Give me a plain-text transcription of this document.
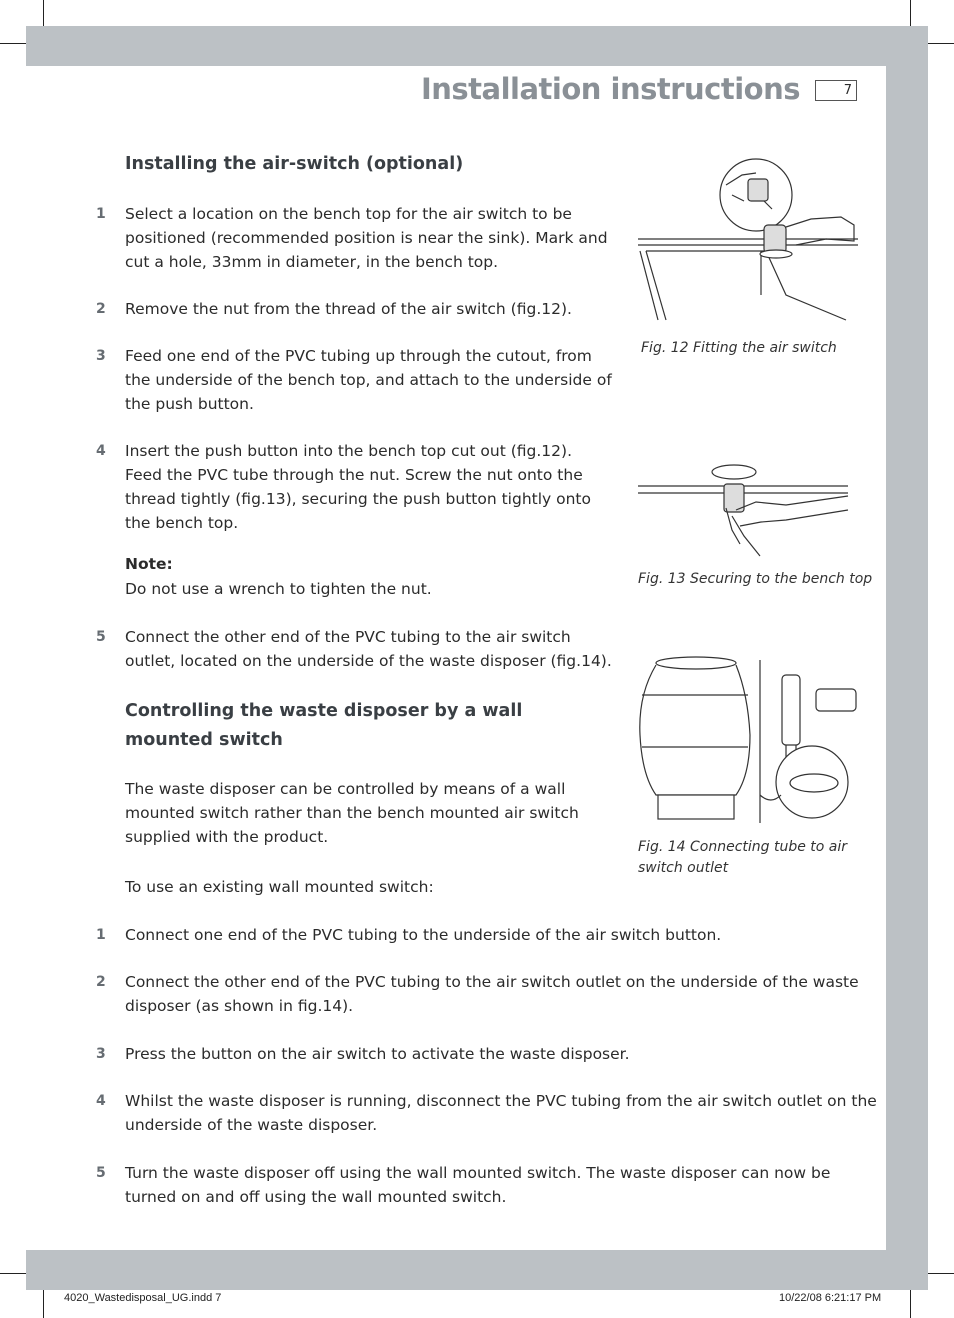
Installation instructions	7
Installing the air-switch (optional)
1 Select a location on the bench top for the air switch to be
positioned (recommended position is near the sink). Mark and
cut a hole, 33mm in diameter, in the bench top.
2 Remove the nut from the thread of the air switch (fig.12).
3 Feed one end of the PVC tubing up through the cutout, from
the underside of the bench top, and attach to the underside of
the push button.
4 Insert the push button into the bench top cut out (fig.12).
Feed the PVC tube through the nut. Screw the nut onto the
thread tightly (fig.13), securing the push button tightly onto
the bench top.
Note:
Do not use a wrench to tighten the nut.
5 Connect the other end of the PVC tubing to the air switch
outlet, located on the underside of the waste disposer (fig.14).
Controlling the waste disposer by a wall
mounted switch
The waste disposer can be controlled by means of a wall
mounted switch rather than the bench mounted air switch
supplied with the product.
To use an existing wall mounted switch:
1 Connect one end of the PVC tubing to the underside of the air switch button.
2 Connect the other end of the PVC tubing to the air switch outlet on the underside of the waste
disposer (as shown in fig.14).
3 Press the button on the air switch to activate the waste disposer.
4 Whilst the waste disposer is running, disconnect the PVC tubing from the air switch outlet on the
underside of the waste disposer.
5 Turn the waste disposer off using the wall mounted switch. The waste disposer can now be
turned on and off using the wall mounted switch.
Fig. 12 Fitting the air switch
Fig. 13 Securing to the bench top
Fig. 14 Connecting tube to air
switch outlet
4020_Wastedisposal_UG.indd 7	10/22/08 6:21:17 PM
